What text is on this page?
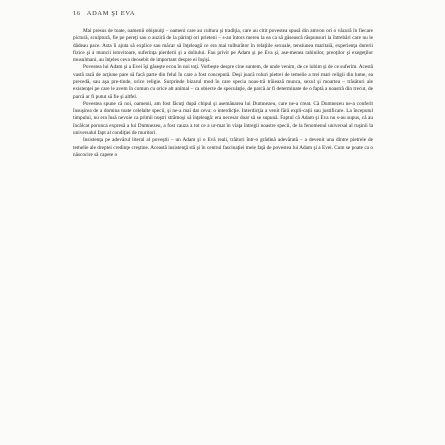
16 ADAM ŞI EVA

Mai presus de toate, oamenii obişnuiţi – oameni care au cultura şi tradiţia, care au citit povestea spusă din amvon ori o văzură în fiecare pictură, sculptură, fie pe pereţi sau o auziră de la părinţi ori prieteni – s-au întors mereu la ea ca să găsească răspunsuri la întrebări care nu le dădeau pace. Asta îi ajuta să explice sau măcar să înţeleagă ce era mai tulburător în relaţiile sexuale, tensiunea maritală, experienţa durerii fizice şi a muncii istovitoare, suferinţa pierderii şi a doliului. Fau privit pe Adam şi pe Eva şi, ase-menea rabinilor, preoţilor şi exegeţilor musulmani, au înţeles ceva deosebit de important despre ei înşişi.

Povestea lui Adam şi a Evei îşi găseşte ecou în noi toţi. Vorbeşte despre cine suntem, de unde venim, de ce iubim şi de ce suferim. Acestă vastă rază de acţiune pare să facă parte din felul în care a fost concepută. Deşi joacă roluri pietrei de temelie a trei mari religii din lume, ea precedă, sau aşa pre-tinde, orice religie. Surprinde bizarul mod în care specia noas-tră trăiează munca, sexul şi moartea – trăsături ale existenţei pe care le avem în comun cu orice alt animal – ca obiecte de speculaţie, de parcă ar fi determinate de o faptă a noastră din trecut, de parcă ar fi putut să fie şi altfel.

Povestea spune că noi, oamenii, am fost făcuţi după chipul şi asemănarea lui Dumnezeu, care ne-a creat. Că Dumnezeu ne-a conferit însuşirea de a domina toate celelalte specii, şi ne-a mai dat ceva: o interdicţie. Interdicţia a venit fără expli-caţii sau justificare. La începutul timpului, nu era însă nevoie ca primii noştri strămoşi să înţeleagă: era necesar doar să se supună. Faptul că Adam şi Eva nu s-au supus, că au încălcat porunca expresă a lui Dumnezeu, a fost cauza a tot ce a ur-mat în viaţa întregii noastre specii, de la fenomenul universal al ruşinii la universalul fapt al condiţiei de muritori.

Insistenţa pe adevărul literal al poveştii – un Adam şi o Evă reali, trăitori într-o grădină adevărată – a devenit una dintre pietrele de temelie ale dreptei credinţe creştine. Această insistenţă stă şi în centrul fascinaţiei mele faţă de povestea lui Adam şi a Evei. Cum se poate ca o născocire să capete o
